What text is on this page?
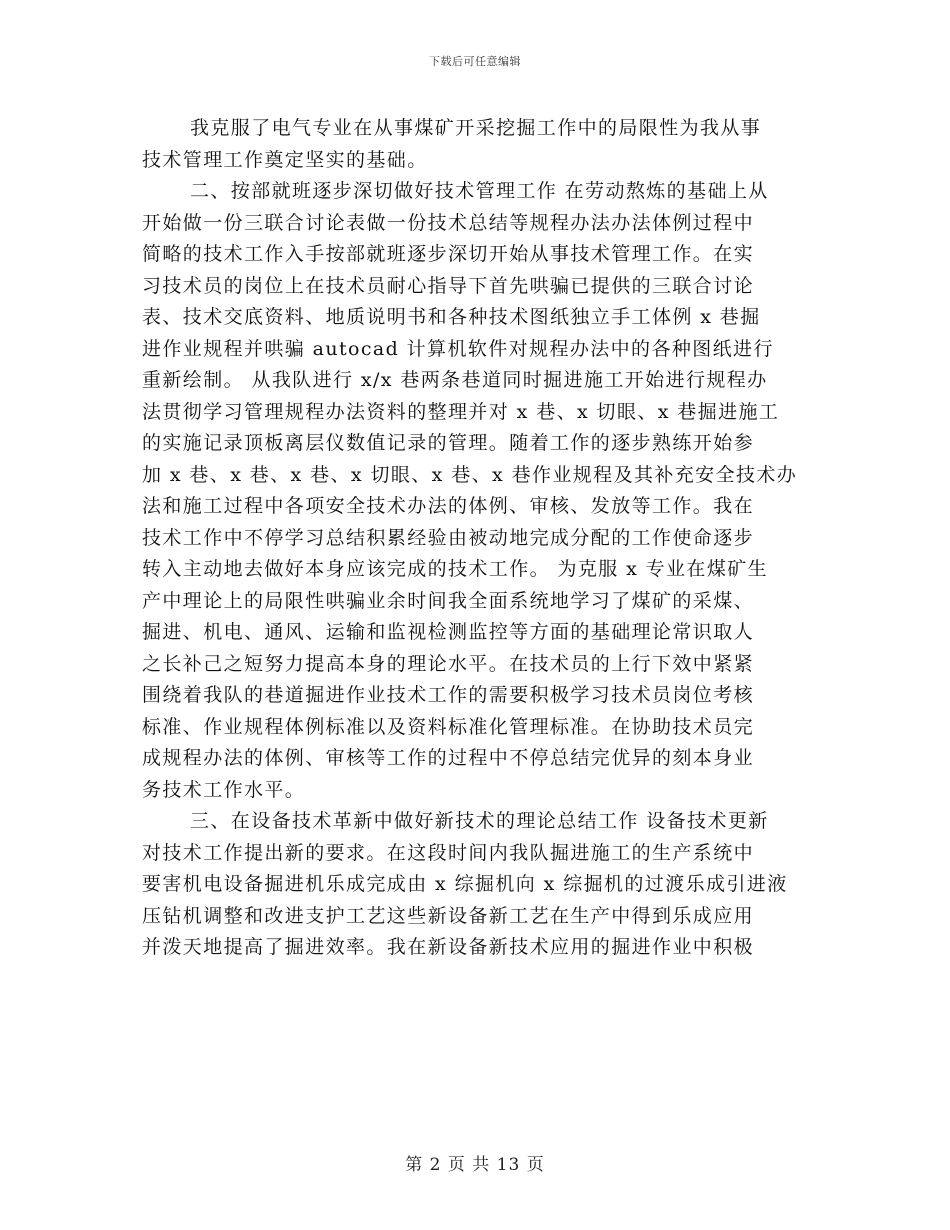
下载后可任意编辑
我克服了电气专业在从事煤矿开采挖掘工作中的局限性为我从事
技术管理工作奠定坚实的基础。
二、按部就班逐步深切做好技术管理工作 在劳动熬炼的基础上从
开始做一份三联合讨论表做一份技术总结等规程办法办法体例过程中
简略的技术工作入手按部就班逐步深切开始从事技术管理工作。在实
习技术员的岗位上在技术员耐心指导下首先哄骗已提供的三联合讨论
表、技术交底资料、地质说明书和各种技术图纸独立手工体例 x 巷掘
进作业规程并哄骗 autocad 计算机软件对规程办法中的各种图纸进行
重新绘制。 从我队进行 x/x 巷两条巷道同时掘进施工开始进行规程办
法贯彻学习管理规程办法资料的整理并对 x 巷、x 切眼、x 巷掘进施工
的实施记录顶板离层仪数值记录的管理。随着工作的逐步熟练开始参
加 x 巷、x 巷、x 巷、x 切眼、x 巷、x 巷作业规程及其补充安全技术办
法和施工过程中各项安全技术办法的体例、审核、发放等工作。我在
技术工作中不停学习总结积累经验由被动地完成分配的工作使命逐步
转入主动地去做好本身应该完成的技术工作。 为克服 x 专业在煤矿生
产中理论上的局限性哄骗业余时间我全面系统地学习了煤矿的采煤、
掘进、机电、通风、运输和监视检测监控等方面的基础理论常识取人
之长补己之短努力提高本身的理论水平。在技术员的上行下效中紧紧
围绕着我队的巷道掘进作业技术工作的需要积极学习技术员岗位考核
标准、作业规程体例标准以及资料标准化管理标准。在协助技术员完
成规程办法的体例、审核等工作的过程中不停总结完优异的刻本身业
务技术工作水平。
三、在设备技术革新中做好新技术的理论总结工作 设备技术更新
对技术工作提出新的要求。在这段时间内我队掘进施工的生产系统中
要害机电设备掘进机乐成完成由 x 综掘机向 x 综掘机的过渡乐成引进液
压钻机调整和改进支护工艺这些新设备新工艺在生产中得到乐成应用
并泼天地提高了掘进效率。我在新设备新技术应用的掘进作业中积极
第 2 页 共 13 页
